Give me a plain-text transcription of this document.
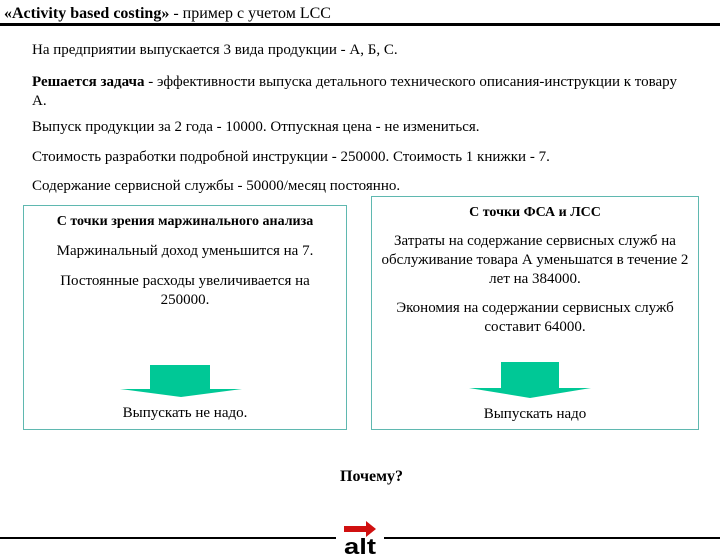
«Activity based costing» - пример с учетом LCC
На предприятии выпускается 3 вида продукции - А, Б, С.
Решается задача - эффективности выпуска детального технического описания-инструкции к товару А.
Выпуск продукции за 2 года - 10000. Отпускная цена - не измениться.
Стоимость разработки подробной инструкции - 250000. Стоимость 1 книжки - 7.
Содержание сервисной службы - 50000/месяц постоянно.
С точки зрения маржинального анализа
Маржинальный доход уменьшится на 7.
Постоянные расходы увеличивается на 250000.
Выпускать не надо.
С точки ФСА и ЛСС
Затраты на содержание сервисных служб на обслуживание товара А уменьшатся в течение 2 лет на 384000.
Экономия на содержании сервисных служб составит 64000.
Выпускать надо
Почему?
alt
